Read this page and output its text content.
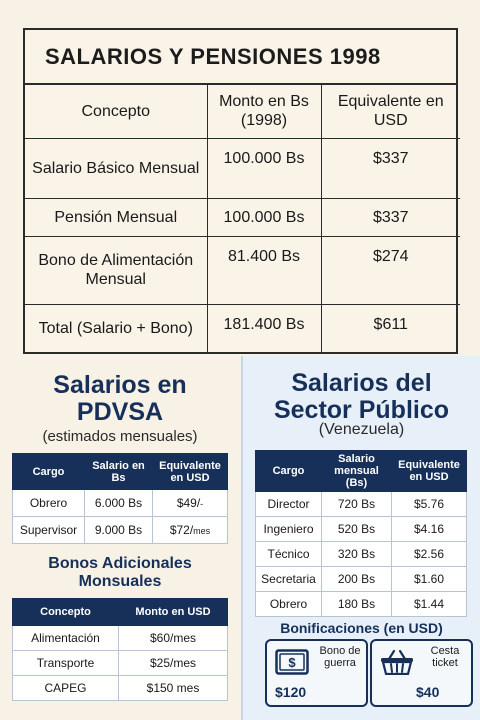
SALARIOS Y PENSIONES 1998
Concepto	Monto en Bs (1998)	Equivalente en USD
Salario Básico Mensual	100.000 Bs	$337
Pensión Mensual	100.000 Bs	$337
Bono de Alimentación Mensual	81.400 Bs	$274
Total (Salario + Bono)	181.400 Bs	$611
Salarios en PDVSA
(estimados mensuales)
Cargo	Salario en Bs	Equivalente en USD
Obrero	6.000 Bs	$49/-
Supervisor	9.000 Bs	$72/mes
Bonos Adicionales Monsuales
Concepto	Monto en USD
Alimentación	$60/mes
Transporte	$25/mes
CAPEG	$150 mes
Salarios del Sector Público
(Venezuela)
Cargo	Salario mensual (Bs)	Equivalente en USD
Director	720 Bs	$5.76
Ingeniero	520 Bs	$4.16
Técnico	320 Bs	$2.56
Secretaria	200 Bs	$1.60
Obrero	180 Bs	$1.44
Bonificaciones (en USD)
$
Bono de guerra
$120
Cesta ticket
$40
